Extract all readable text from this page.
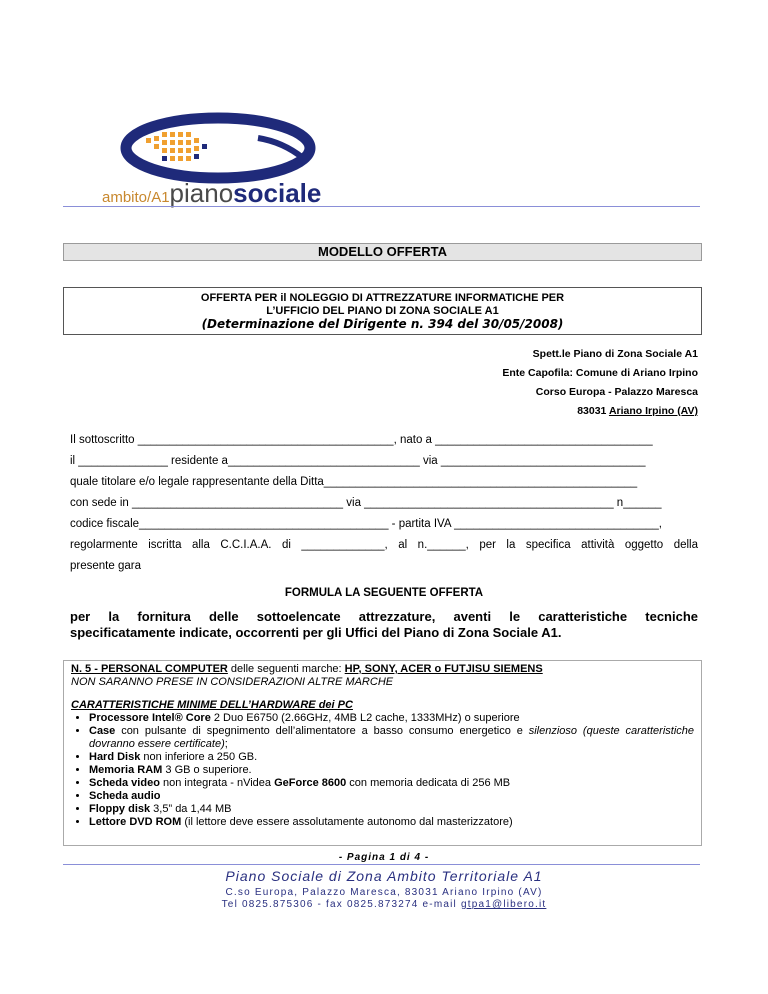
ambito/A1pianosociale
MODELLO OFFERTA
OFFERTA PER il NOLEGGIO DI ATTREZZATURE INFORMATICHE PER
L’UFFICIO DEL PIANO DI ZONA SOCIALE A1
(Determinazione del Dirigente n. 394 del 30/05/2008)
Spett.le Piano di Zona Sociale A1
Ente Capofila: Comune di Ariano Irpino
Corso Europa - Palazzo Maresca
83031 Ariano Irpino (AV)
Il sottoscritto ________________________________________, nato a __________________________________
il ______________ residente a______________________________ via ________________________________
quale titolare e/o legale rappresentante della Ditta_________________________________________________
con sede in _________________________________ via _______________________________________ n______
codice fiscale_______________________________________ - partita IVA ________________________________,
regolarmente iscritta alla C.C.I.A.A. di _____________, al n.______, per la specifica attività oggetto della
presente gara
FORMULA LA SEGUENTE OFFERTA
per la fornitura delle sottoelencate attrezzature, aventi le caratteristiche tecniche
specificatamente indicate, occorrenti per gli Uffici del Piano di Zona Sociale A1.
N. 5 - PERSONAL COMPUTER delle seguenti marche: HP, SONY, ACER o FUTJISU SIEMENS
NON SARANNO PRESE IN CONSIDERAZIONI ALTRE MARCHE
CARATTERISTICHE MINIME DELL’HARDWARE dei PC
• Processore Intel® Core 2 Duo E6750 (2.66GHz, 4MB L2 cache, 1333MHz) o superiore
• Case con pulsante di spegnimento dell’alimentatore a basso consumo energetico e silenzioso (queste caratteristiche dovranno essere certificate);
• Hard Disk non inferiore a 250 GB.
• Memoria RAM 3 GB o superiore.
• Scheda video non integrata - nVidea GeForce 8600 con memoria dedicata di 256 MB
• Scheda audio
• Floppy disk 3,5” da 1,44 MB
• Lettore DVD ROM (il lettore deve essere assolutamente autonomo dal masterizzatore)
- Pagina 1 di 4 -
Piano Sociale di Zona Ambito Territoriale A1
C.so Europa, Palazzo Maresca, 83031 Ariano Irpino (AV)
Tel 0825.875306 - fax 0825.873274 e-mail gtpa1@libero.it
